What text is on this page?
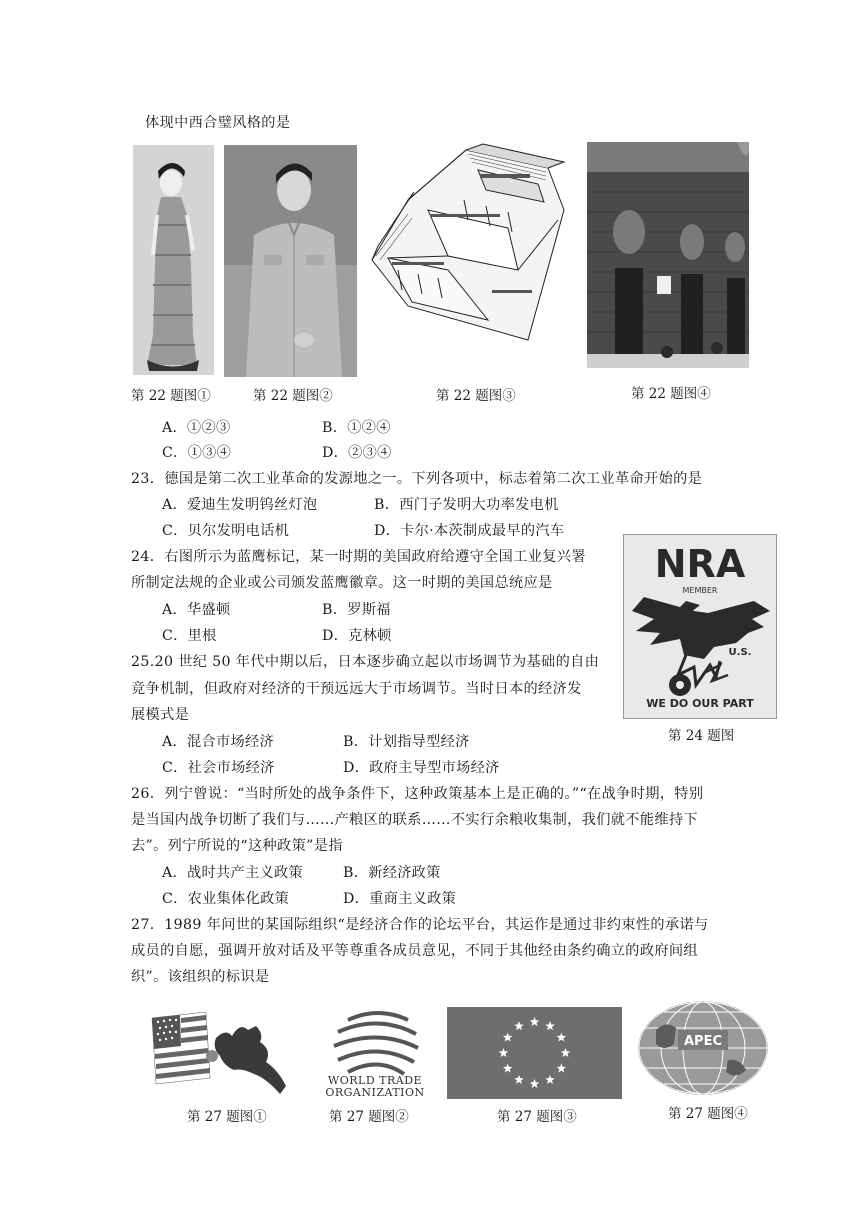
体现中西合璧风格的是
第 22 题图①	第 22 题图②	第 22 题图③	第 22 题图④
A．①②③	B．①②④
C．①③④	D．②③④
23．德国是第二次工业革命的发源地之一。下列各项中，标志着第二次工业革命开始的是
A．爱迪生发明钨丝灯泡	B．西门子发明大功率发电机
C．贝尔发明电话机	D．卡尔·本茨制成最早的汽车
24．右图所示为蓝鹰标记，某一时期的美国政府给遵守全国工业复兴署
所制定法规的企业或公司颁发蓝鹰徽章。这一时期的美国总统应是
A．华盛顿	B．罗斯福
C．里根	D．克林顿
NRA
MEMBER
U.S.
WE DO OUR PART
第 24 题图
25.20 世纪 50 年代中期以后，日本逐步确立起以市场调节为基础的自由
竞争机制，但政府对经济的干预远远大于市场调节。当时日本的经济发
展模式是
A．混合市场经济	B．计划指导型经济
C．社会市场经济	D．政府主导型市场经济
26．列宁曾说：“当时所处的战争条件下，这种政策基本上是正确的。”“在战争时期，特别
是当国内战争切断了我们与……产粮区的联系……不实行余粮收集制，我们就不能维持下
去”。列宁所说的“这种政策”是指
A．战时共产主义政策	B．新经济政策
C．农业集体化政策	D．重商主义政策
27．1989 年问世的某国际组织“是经济合作的论坛平台，其运作是通过非约束性的承诺与
成员的自愿，强调开放对话及平等尊重各成员意见，不同于其他经由条约确立的政府间组
织”。该组织的标识是
第 27 题图①
WORLD TRADE
ORGANIZATION
第 27 题图②	第 27 题图③
APEC
第 27 题图④
